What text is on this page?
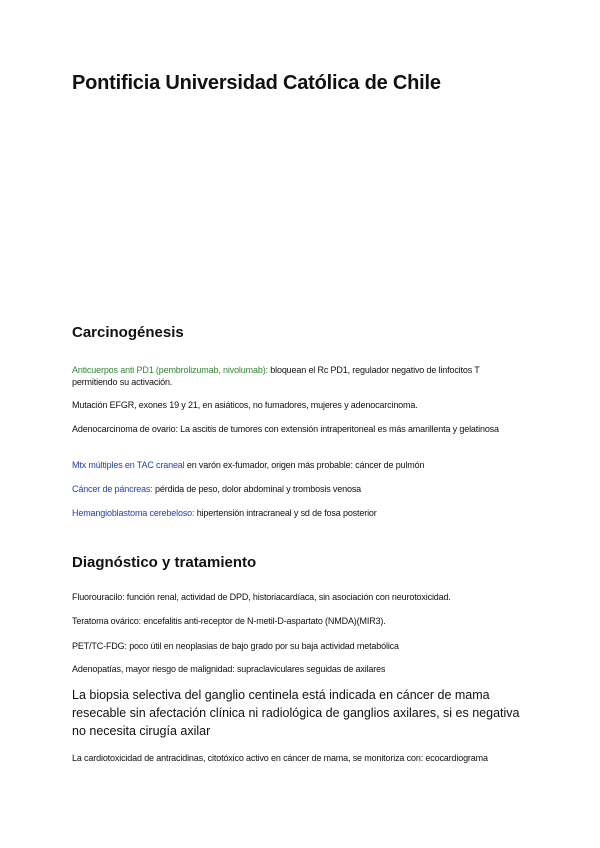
Pontificia Universidad Católica de Chile
Carcinogénesis

Anticuerpos anti PD1 (pembrolizumab, nivolumab): bloquean el Rc PD1, regulador negativo de linfocitos T permitiendo su activación.

Mutación EFGR, exones 19 y 21, en asiáticos, no fumadores, mujeres y adenocarcinoma.

Adenocarcinoma de ovario: La ascitis de tumores con extensión intraperitoneal es más amarillenta y gelatinosa

Mtx múltiples en TAC craneal en varón ex-fumador, origen más probable: cáncer de pulmón

Cáncer de páncreas: pérdida de peso, dolor abdominal y trombosis venosa

Hemangioblastoma cerebeloso: hipertensión intracraneal y sd de fosa posterior

Diagnóstico y tratamiento

Fluorouracilo: función renal, actividad de DPD, historiacardíaca, sin asociación con neurotoxicidad.

Teratoma ovárico: encefalitis anti-receptor de N-metil-D-aspartato (NMDA)(MIR3).

PET/TC-FDG: poco útil en neoplasias de bajo grado por su baja actividad metabólica

Adenopatías, mayor riesgo de malignidad: supraclaviculares seguidas de axilares

La biopsia selectiva del ganglio centinela está indicada en cáncer de mama resecable sin afectación clínica ni radiológica de ganglios axilares, si es negativa no necesita cirugía axilar

La cardiotoxicidad de antracidinas, citotóxico activo en cáncer de mama, se monitoriza con: ecocardiograma
